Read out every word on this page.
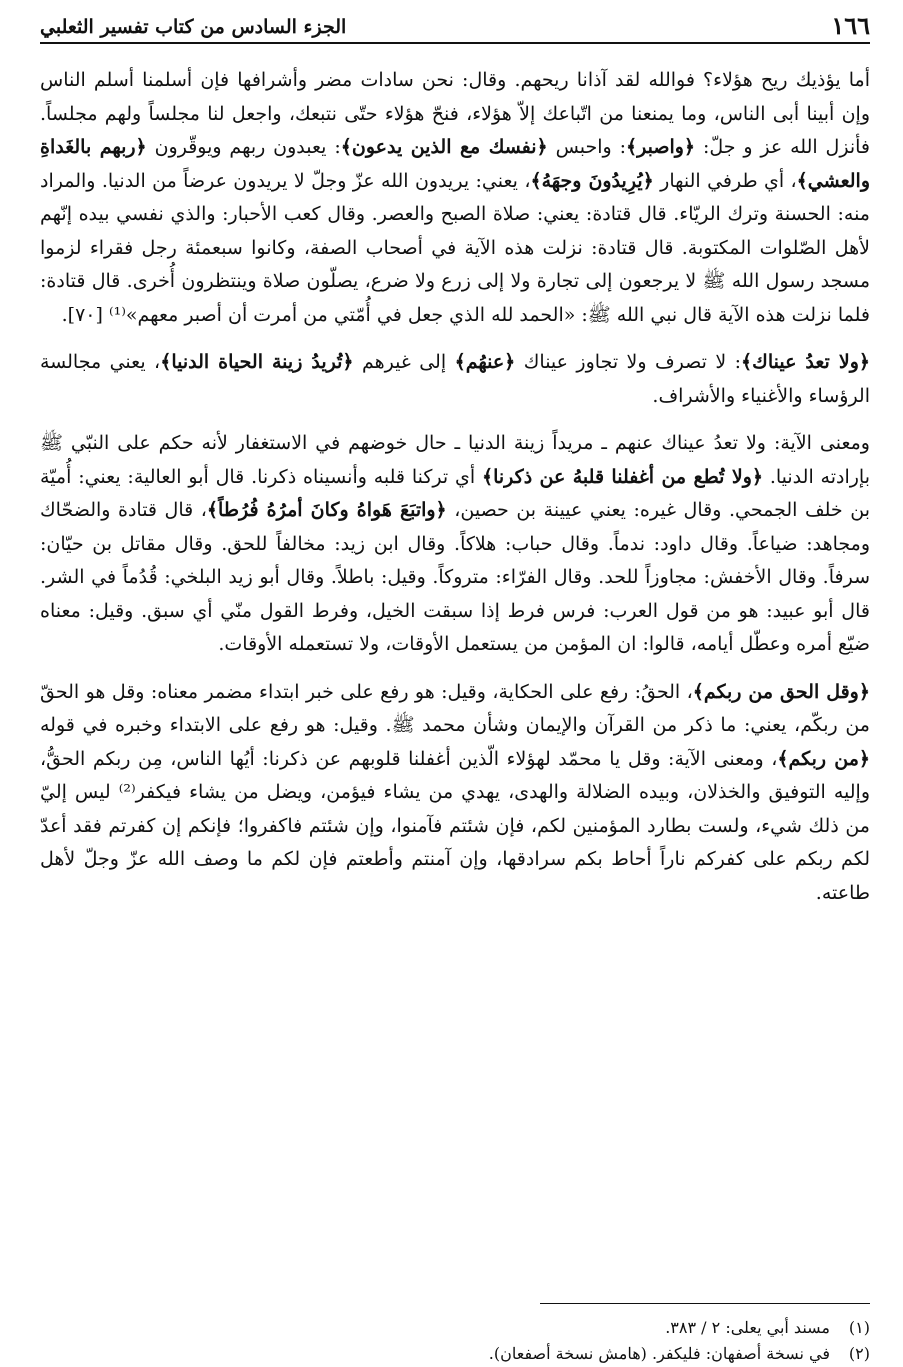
١٦٦
الجزء السادس من كتاب تفسير الثعلبي

أما يؤذيك ريح هؤلاء؟ فوالله لقد آذانا ريحهم. وقال: نحن سادات مضر وأشرافها فإن أسلمنا أسلم الناس وإن أبينا أبى الناس، وما يمنعنا من اتّباعك إلاّ هؤلاء، فنحّ هؤلاء حتّى نتبعك، واجعل لنا مجلساً ولهم مجلساً. فأنزل الله عز و جلّ: ﴿واصبر﴾: واحبس ﴿نفسك مع الذين يدعون﴾: يعبدون ربهم ويوقّرون ﴿ربهم بالغَداةِ والعشي﴾، أي طرفي النهار ﴿يُرِيدُونَ وجهَهُ﴾، يعني: يريدون الله عزّ وجلّ لا يريدون عرضاً من الدنيا. والمراد منه: الحسنة وترك الريّاء. قال قتادة: يعني: صلاة الصبح والعصر. وقال كعب الأحبار: والذي نفسي بيده إنّهم لأهل الصّلوات المكتوبة. قال قتادة: نزلت هذه الآية في أصحاب الصفة، وكانوا سبعمئة رجل فقراء لزموا مسجد رسول الله ﷺ لا يرجعون إلى تجارة ولا إلى زرع ولا ضرع، يصلّون صلاة وينتظرون أُخرى. قال قتادة: فلما نزلت هذه الآية قال نبي الله ﷺ: «الحمد لله الذي جعل في أُمّتي من أمرت أن أصبر معهم»⁽¹⁾ [٧٠].

﴿ولا تعدُ عيناك﴾: لا تصرف ولا تجاوز عيناك ﴿عنهُم﴾ إلى غيرهم ﴿تُريدُ زينة الحياة الدنيا﴾، يعني مجالسة الرؤساء والأغنياء والأشراف.

ومعنى الآية: ولا تعدُ عيناك عنهم ـ مريداً زينة الدنيا ـ حال خوضهم في الاستغفار لأنه حكم على النبّي ﷺ بإرادته الدنيا. ﴿ولا تُطع من أغفلنا قلبهُ عن ذكرنا﴾ أي تركنا قلبه وأنسيناه ذكرنا. قال أبو العالية: يعني: أُميّة بن خلف الجمحي. وقال غيره: يعني عيينة بن حصين، ﴿واتبَعَ هَواهُ وكانَ أمرُهُ فُرُطاً﴾، قال قتادة والضحّاك ومجاهد: ضياعاً. وقال داود: ندماً. وقال حباب: هلاكاً. وقال ابن زيد: مخالفاً للحق. وقال مقاتل بن حيّان: سرفاً. وقال الأخفش: مجاوزاً للحد. وقال الفرّاء: متروكاً. وقيل: باطلاً. وقال أبو زيد البلخي: قُدُماً في الشر. قال أبو عبيد: هو من قول العرب: فرس فرط إذا سبقت الخيل، وفرط القول منّي أي سبق. وقيل: معناه ضيّع أمره وعطّل أيامه، قالوا: ان المؤمن من يستعمل الأوقات، ولا تستعمله الأوقات.

﴿وقل الحق من ربكم﴾، الحقُ: رفع على الحكاية، وقيل: هو رفع على خبر ابتداء مضمر معناه: وقل هو الحقّ من ربكّم، يعني: ما ذكر من القرآن والإيمان وشأن محمد ﷺ. وقيل: هو رفع على الابتداء وخبره في قوله ﴿من ربكم﴾، ومعنى الآية: وقل يا محمّد لهؤلاء الّذين أغفلنا قلوبهم عن ذكرنا: أيُها الناس، مِن ربكم الحقُّ، وإليه التوفيق والخذلان، وبيده الضلالة والهدى، يهدي من يشاء فيؤمن، ويضل من يشاء فيكفر⁽²⁾ ليس إليّ من ذلك شيء، ولست بطارد المؤمنين لكم، فإن شئتم فآمنوا، وإن شئتم فاكفروا؛ فإنكم إن كفرتم فقد أعدّ لكم ربكم على كفركم ناراً أحاط بكم سرادقها، وإن آمنتم وأطعتم فإن لكم ما وصف الله عزّ وجلّ لأهل طاعته.

(١)مسند أبي يعلى: ٢ / ٣٨٣.

(٢)في نسخة أصفهان: فليكفر. (هامش نسخة أصفعان).
